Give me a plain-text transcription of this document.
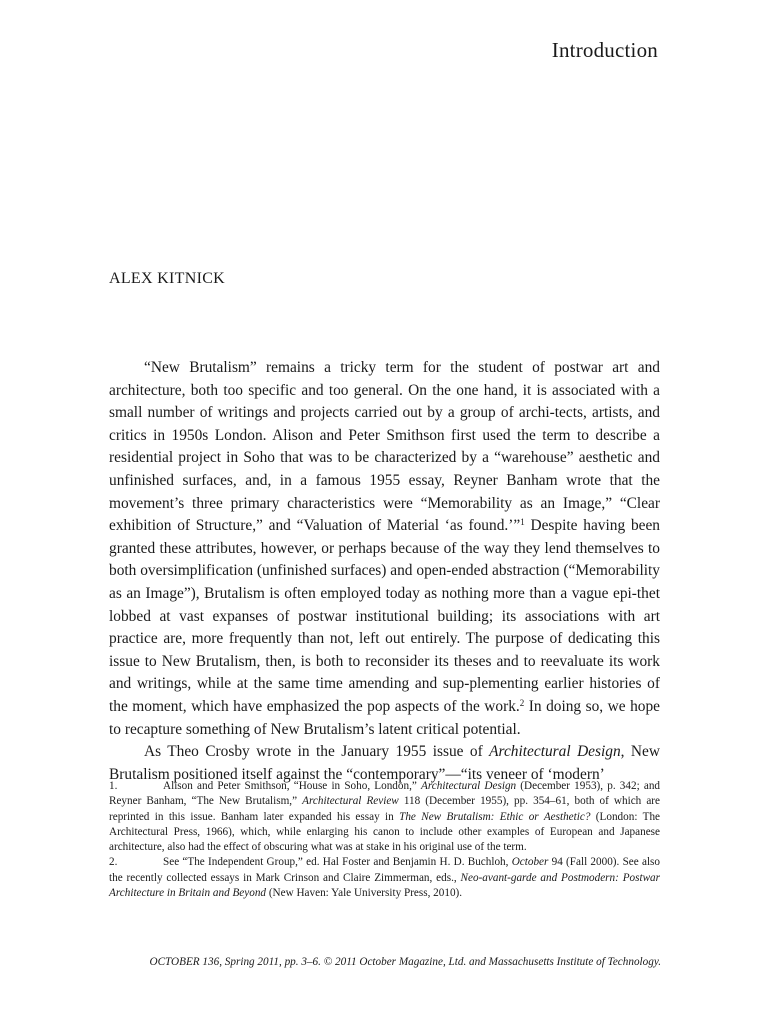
Introduction
ALEX KITNICK

“New Brutalism” remains a tricky term for the student of postwar art and architecture, both too specific and too general. On the one hand, it is associated with a small number of writings and projects carried out by a group of archi-tects, artists, and critics in 1950s London. Alison and Peter Smithson first used the term to describe a residential project in Soho that was to be characterized by a “warehouse” aesthetic and unfinished surfaces, and, in a famous 1955 essay, Reyner Banham wrote that the movement’s three primary characteristics were “Memorability as an Image,” “Clear exhibition of Structure,” and “Valuation of Material ‘as found.’”$^1$ Despite having been granted these attributes, however, or perhaps because of the way they lend themselves to both oversimplification (unfinished surfaces) and open-ended abstraction (“Memorability as an Image”), Brutalism is often employed today as nothing more than a vague epi-thet lobbed at vast expanses of postwar institutional building; its associations with art practice are, more frequently than not, left out entirely. The purpose of dedicating this issue to New Brutalism, then, is both to reconsider its theses and to reevaluate its work and writings, while at the same time amending and sup-plementing earlier histories of the moment, which have emphasized the pop aspects of the work.$^2$ In doing so, we hope to recapture something of New Brutalism’s latent critical potential.

As Theo Crosby wrote in the January 1955 issue of Architectural Design, New Brutalism positioned itself against the “contemporary”—“its veneer of ‘modern’

1.	Alison and Peter Smithson, “House in Soho, London,” Architectural Design (December 1953), p. 342; and Reyner Banham, “The New Brutalism,” Architectural Review 118 (December 1955), pp. 354–61, both of which are reprinted in this issue. Banham later expanded his essay in The New Brutalism: Ethic or Aesthetic? (London: The Architectural Press, 1966), which, while enlarging his canon to include other examples of European and Japanese architecture, also had the effect of obscuring what was at stake in his original use of the term.

2.	See “The Independent Group,” ed. Hal Foster and Benjamin H. D. Buchloh, October 94 (Fall 2000). See also the recently collected essays in Mark Crinson and Claire Zimmerman, eds., Neo-avant-garde and Postmodern: Postwar Architecture in Britain and Beyond (New Haven: Yale University Press, 2010).

OCTOBER 136, Spring 2011, pp. 3–6. © 2011 October Magazine, Ltd. and Massachusetts Institute of Technology.
